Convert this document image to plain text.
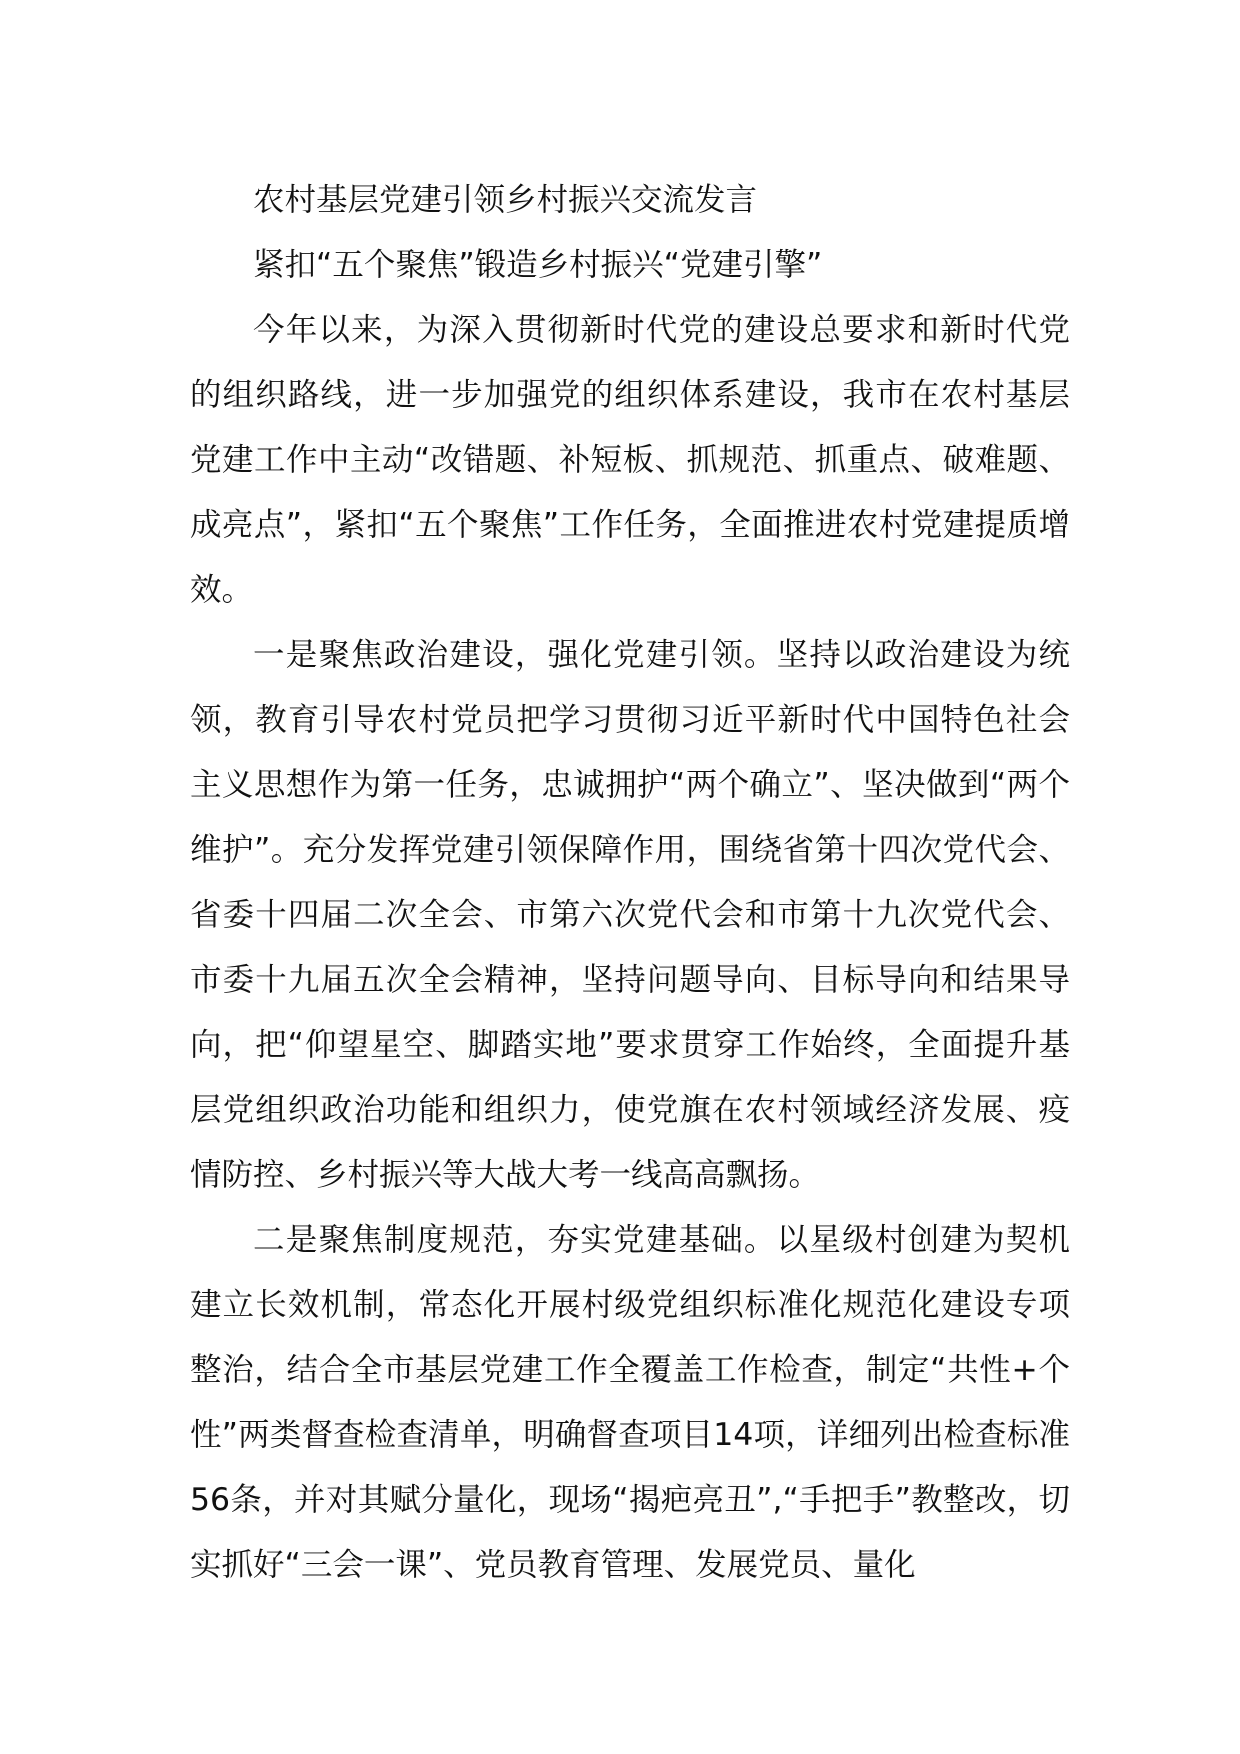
农村基层党建引领乡村振兴交流发言

紧扣“五个聚焦”锻造乡村振兴“党建引擎”

今年以来，为深入贯彻新时代党的建设总要求和新时代党的组织路线，进一步加强党的组织体系建设，我市在农村基层党建工作中主动“改错题、补短板、抓规范、抓重点、破难题、成亮点”，紧扣“五个聚焦”工作任务，全面推进农村党建提质增效。

一是聚焦政治建设，强化党建引领。坚持以政治建设为统领，教育引导农村党员把学习贯彻习近平新时代中国特色社会主义思想作为第一任务，忠诚拥护“两个确立”、坚决做到“两个维护”。充分发挥党建引领保障作用，围绕省第十四次党代会、省委十四届二次全会、市第六次党代会和市第十九次党代会、市委十九届五次全会精神，坚持问题导向、目标导向和结果导向，把“仰望星空、脚踏实地”要求贯穿工作始终，全面提升基层党组织政治功能和组织力，使党旗在农村领域经济发展、疫情防控、乡村振兴等大战大考一线高高飘扬。

二是聚焦制度规范，夯实党建基础。以星级村创建为契机建立长效机制，常态化开展村级党组织标准化规范化建设专项整治，结合全市基层党建工作全覆盖工作检查，制定“共性+个性”两类督查检查清单，明确督查项目14项，详细列出检查标准56条，并对其赋分量化，现场“揭疤亮丑”,“手把手”教整改，切实抓好“三会一课”、党员教育管理、发展党员、量化
